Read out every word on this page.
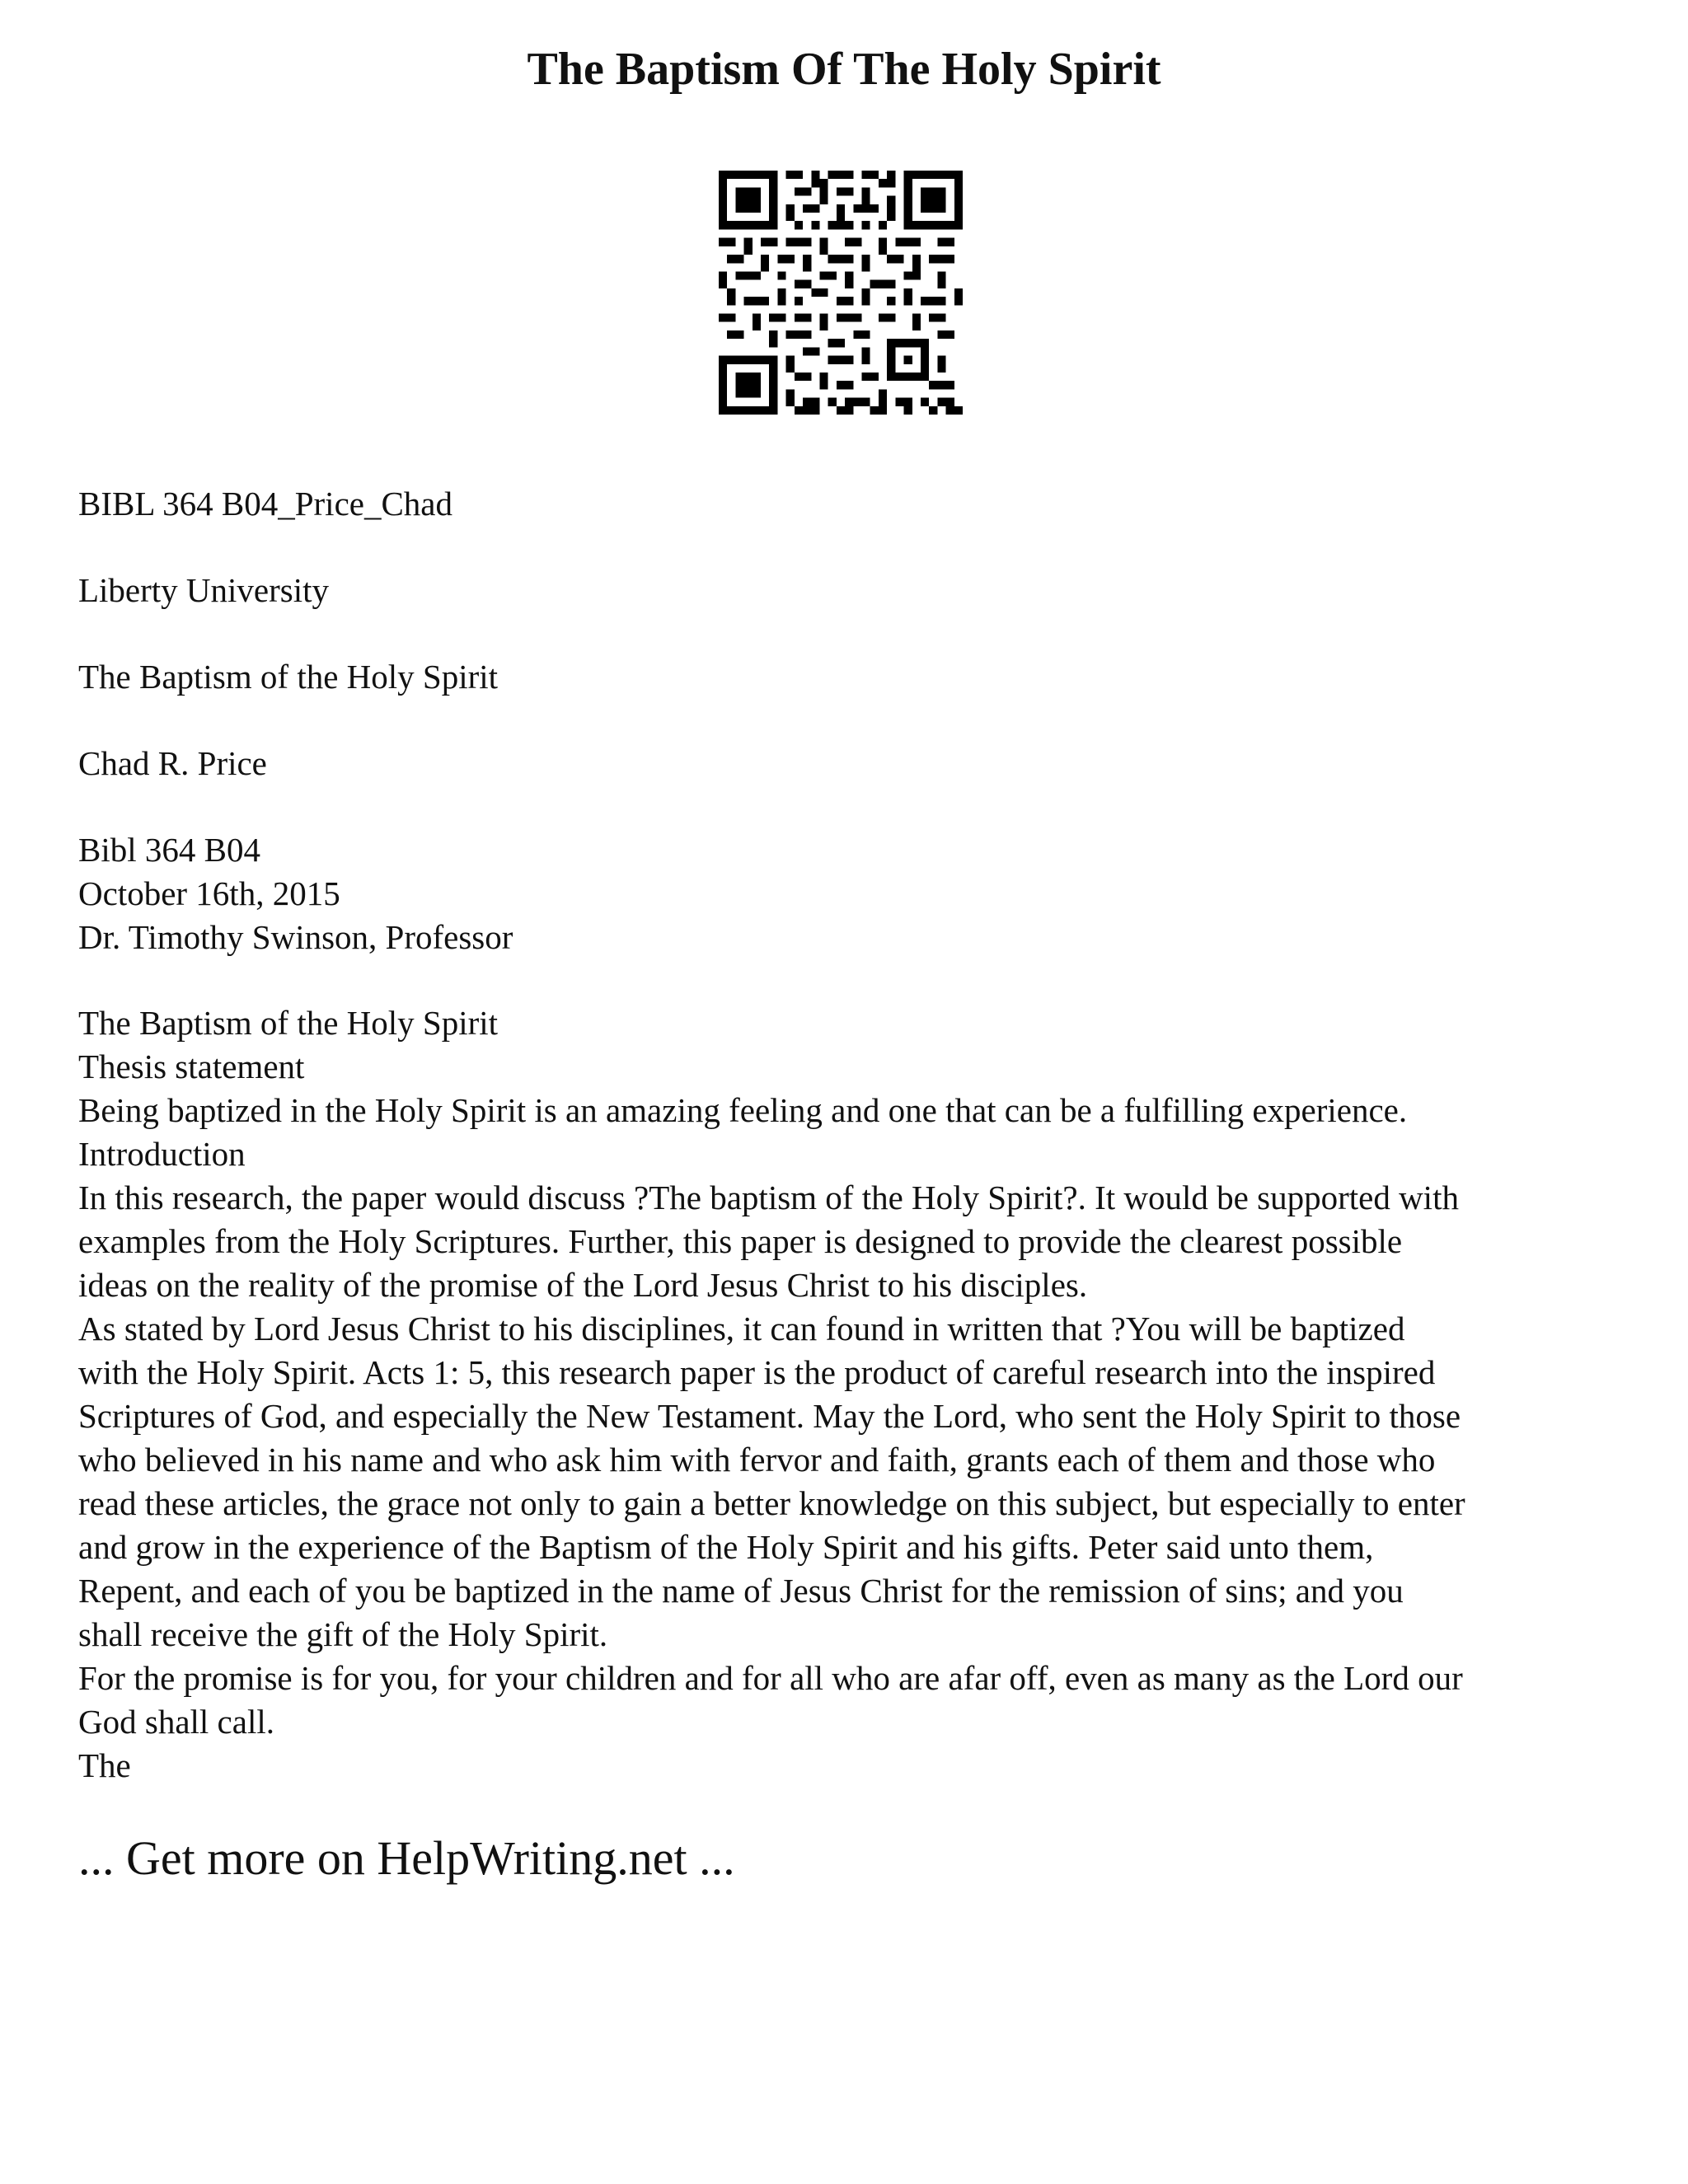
The Baptism Of The Holy Spirit

BIBL 364 B04_Price_Chad

Liberty University

The Baptism of the Holy Spirit

Chad R. Price

Bibl 364 B04

October 16th, 2015

Dr. Timothy Swinson, Professor

The Baptism of the Holy Spirit

Thesis statement

Being baptized in the Holy Spirit is an amazing feeling and one that can be a fulfilling experience.

Introduction

In this research, the paper would discuss ?The baptism of the Holy Spirit?. It would be supported with

examples from the Holy Scriptures. Further, this paper is designed to provide the clearest possible

ideas on the reality of the promise of the Lord Jesus Christ to his disciples.

As stated by Lord Jesus Christ to his disciplines, it can found in written that ?You will be baptized

with the Holy Spirit. Acts 1: 5, this research paper is the product of careful research into the inspired

Scriptures of God, and especially the New Testament. May the Lord, who sent the Holy Spirit to those

who believed in his name and who ask him with fervor and faith, grants each of them and those who

read these articles, the grace not only to gain a better knowledge on this subject, but especially to enter

and grow in the experience of the Baptism of the Holy Spirit and his gifts. Peter said unto them,

Repent, and each of you be baptized in the name of Jesus Christ for the remission of sins; and you

shall receive the gift of the Holy Spirit.

For the promise is for you, for your children and for all who are afar off, even as many as the Lord our

God shall call.

The

... Get more on HelpWriting.net ...
